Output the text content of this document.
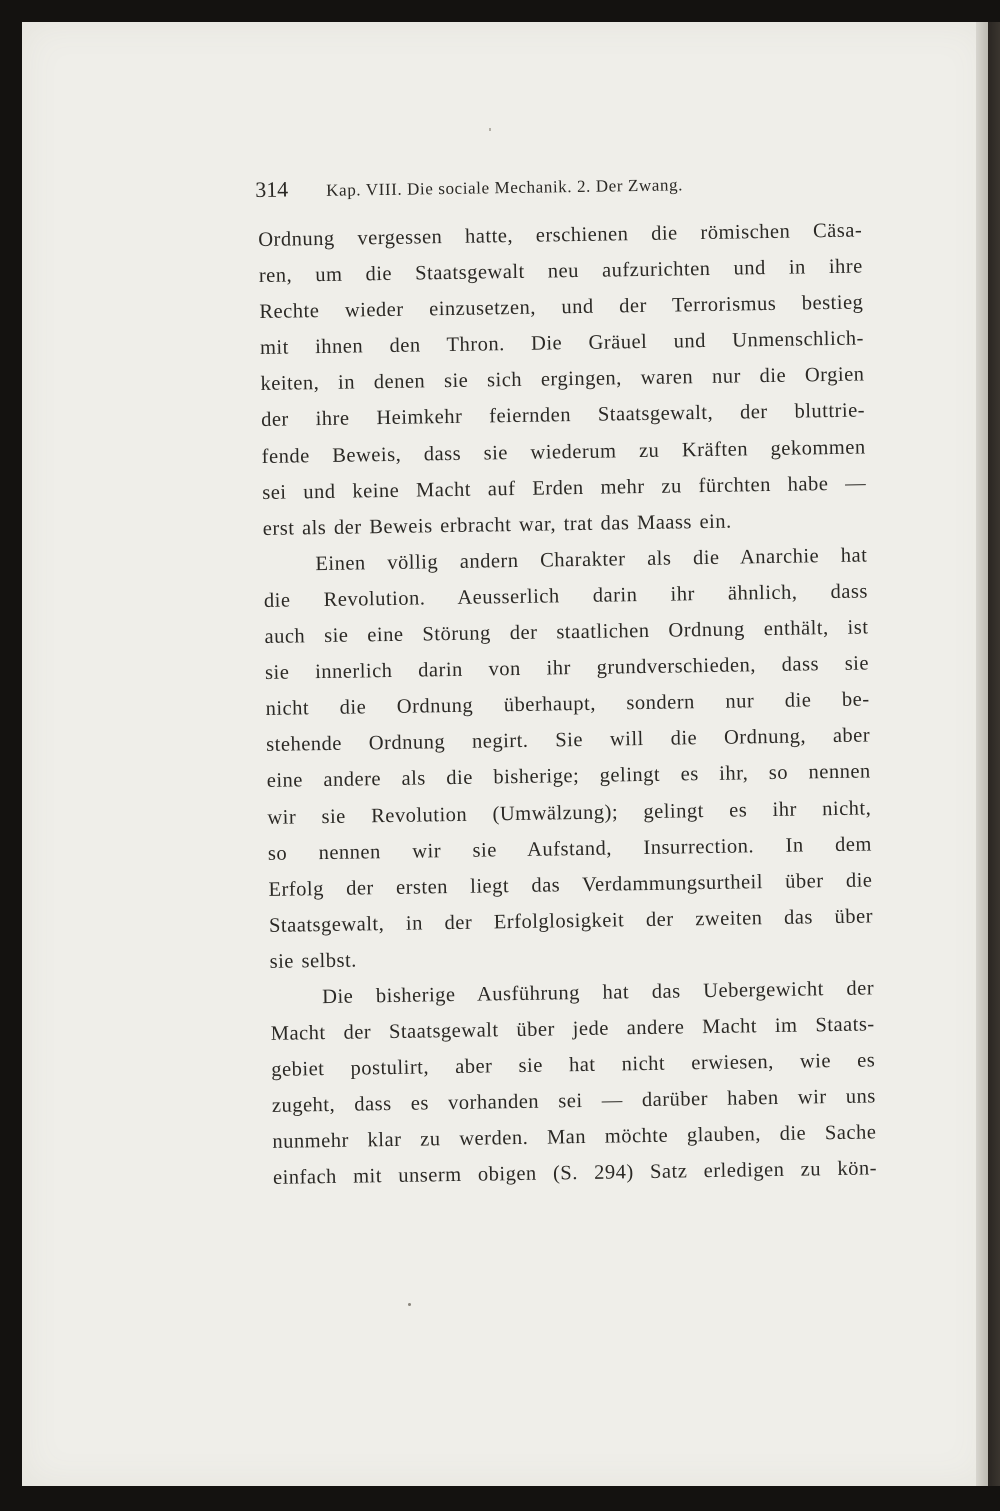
314 Kap. VIII. Die sociale Mechanik. 2. Der Zwang.
Ordnung vergessen hatte, erschienen die römischen Cäsa-
ren, um die Staatsgewalt neu aufzurichten und in ihre
Rechte wieder einzusetzen, und der Terrorismus bestieg
mit ihnen den Thron. Die Gräuel und Unmenschlich-
keiten, in denen sie sich ergingen, waren nur die Orgien
der ihre Heimkehr feiernden Staatsgewalt, der bluttrie-
fende Beweis, dass sie wiederum zu Kräften gekommen
sei und keine Macht auf Erden mehr zu fürchten habe —
erst als der Beweis erbracht war, trat das Maass ein.
Einen völlig andern Charakter als die Anarchie hat
die Revolution. Aeusserlich darin ihr ähnlich, dass
auch sie eine Störung der staatlichen Ordnung enthält, ist
sie innerlich darin von ihr grundverschieden, dass sie
nicht die Ordnung überhaupt, sondern nur die be-
stehende Ordnung negirt. Sie will die Ordnung, aber
eine andere als die bisherige; gelingt es ihr, so nennen
wir sie Revolution (Umwälzung); gelingt es ihr nicht,
so nennen wir sie Aufstand, Insurrection. In dem
Erfolg der ersten liegt das Verdammungsurtheil über die
Staatsgewalt, in der Erfolglosigkeit der zweiten das über
sie selbst.
Die bisherige Ausführung hat das Uebergewicht der
Macht der Staatsgewalt über jede andere Macht im Staats-
gebiet postulirt, aber sie hat nicht erwiesen, wie es
zugeht, dass es vorhanden sei — darüber haben wir uns
nunmehr klar zu werden. Man möchte glauben, die Sache
einfach mit unserm obigen (S. 294) Satz erledigen zu kön-
